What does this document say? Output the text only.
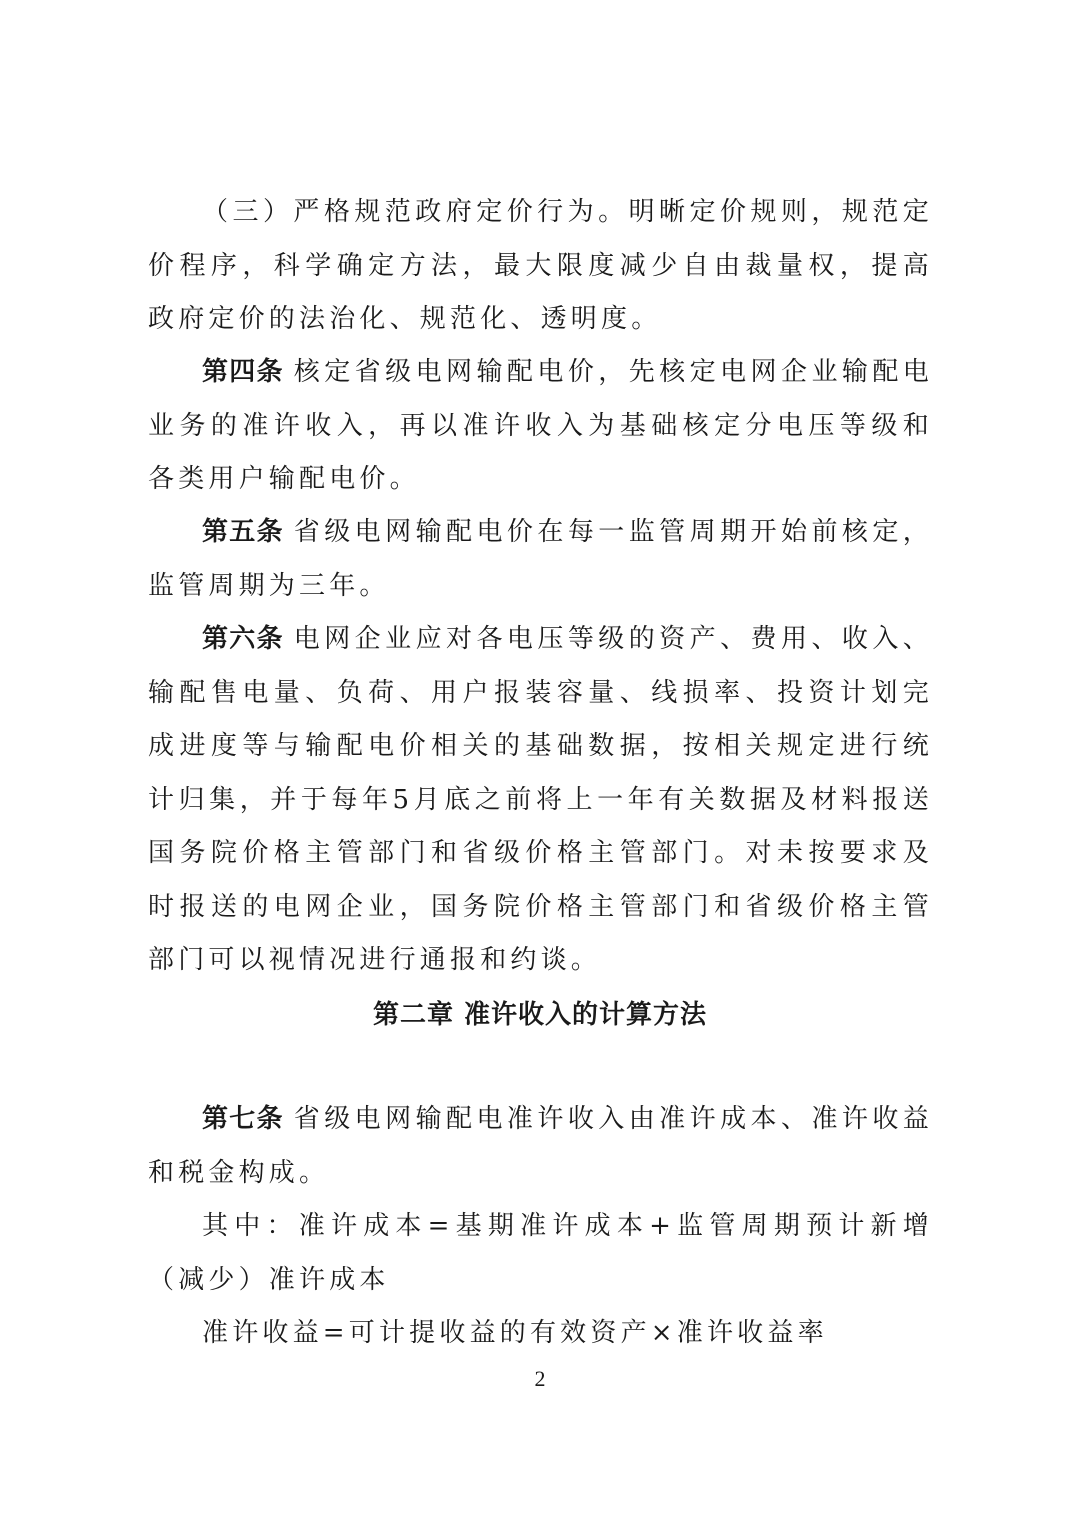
（三）严格规范政府定价行为。明晰定价规则，规范定价程序，科学确定方法，最大限度减少自由裁量权，提高政府定价的法治化、规范化、透明度。

第四条 核定省级电网输配电价，先核定电网企业输配电业务的准许收入，再以准许收入为基础核定分电压等级和各类用户输配电价。

第五条 省级电网输配电价在每一监管周期开始前核定，监管周期为三年。

第六条 电网企业应对各电压等级的资产、费用、收入、输配售电量、负荷、用户报装容量、线损率、投资计划完成进度等与输配电价相关的基础数据，按相关规定进行统计归集，并于每年5月底之前将上一年有关数据及材料报送国务院价格主管部门和省级价格主管部门。对未按要求及时报送的电网企业，国务院价格主管部门和省级价格主管部门可以视情况进行通报和约谈。

第二章 准许收入的计算方法

第七条 省级电网输配电准许收入由准许成本、准许收益和税金构成。

其中：准许成本=基期准许成本+监管周期预计新增（减少）准许成本

准许收益=可计提收益的有效资产×准许收益率

2
